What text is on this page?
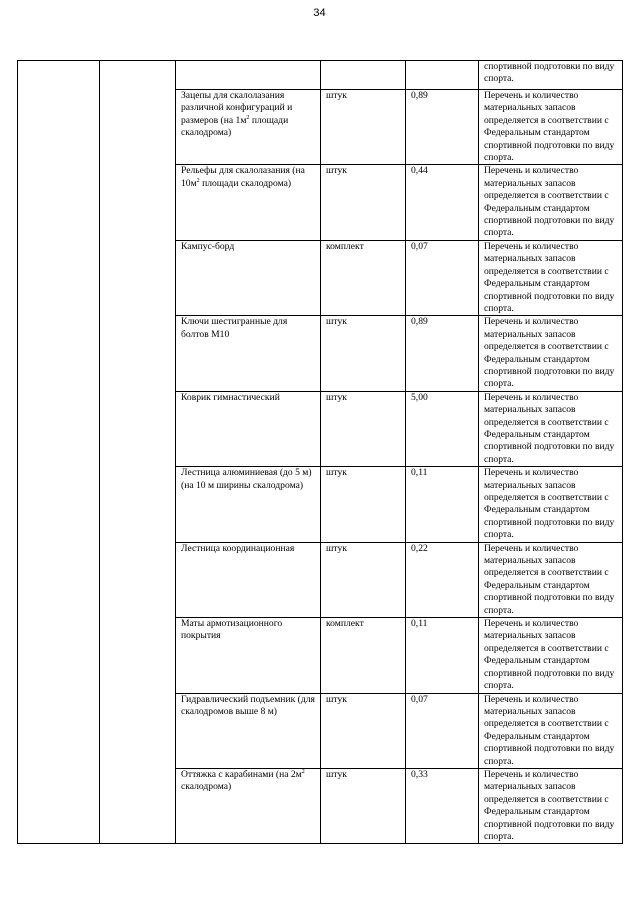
34
					спортивной подготовки по виду спорта.
		Зацепы для скалолазания различной конфигураций и размеров (на $1м^2$ площади скалодрома)	штук	0,89	Перечень и количество материальных запасов определяется в соответствии с Федеральным стандартом спортивной подготовки по виду спорта.
		Рельефы для скалолазания (на $10м^2$ площади скалодрома)	штук	0,44	Перечень и количество материальных запасов определяется в соответствии с Федеральным стандартом спортивной подготовки по виду спорта.
		Кампус-борд	комплект	0,07	Перечень и количество материальных запасов определяется в соответствии с Федеральным стандартом спортивной подготовки по виду спорта.
		Ключи шестигранные для болтов М10	штук	0,89	Перечень и количество материальных запасов определяется в соответствии с Федеральным стандартом спортивной подготовки по виду спорта.
		Коврик гимнастический	штук	5,00	Перечень и количество материальных запасов определяется в соответствии с Федеральным стандартом спортивной подготовки по виду спорта.
		Лестница алюминиевая (до 5 м) (на 10 м ширины скалодрома)	штук	0,11	Перечень и количество материальных запасов определяется в соответствии с Федеральным стандартом спортивной подготовки по виду спорта.
		Лестница координационная	штук	0,22	Перечень и количество материальных запасов определяется в соответствии с Федеральным стандартом спортивной подготовки по виду спорта.
		Маты армотизационного покрытия	комплект	0,11	Перечень и количество материальных запасов определяется в соответствии с Федеральным стандартом спортивной подготовки по виду спорта.
		Гидравлический подъемник (для скалодромов выше 8 м)	штук	0,07	Перечень и количество материальных запасов определяется в соответствии с Федеральным стандартом спортивной подготовки по виду спорта.
		Оттяжка с карабинами (на $2м^2$ скалодрома)	штук	0,33	Перечень и количество материальных запасов определяется в соответствии с Федеральным стандартом спортивной подготовки по виду спорта.
